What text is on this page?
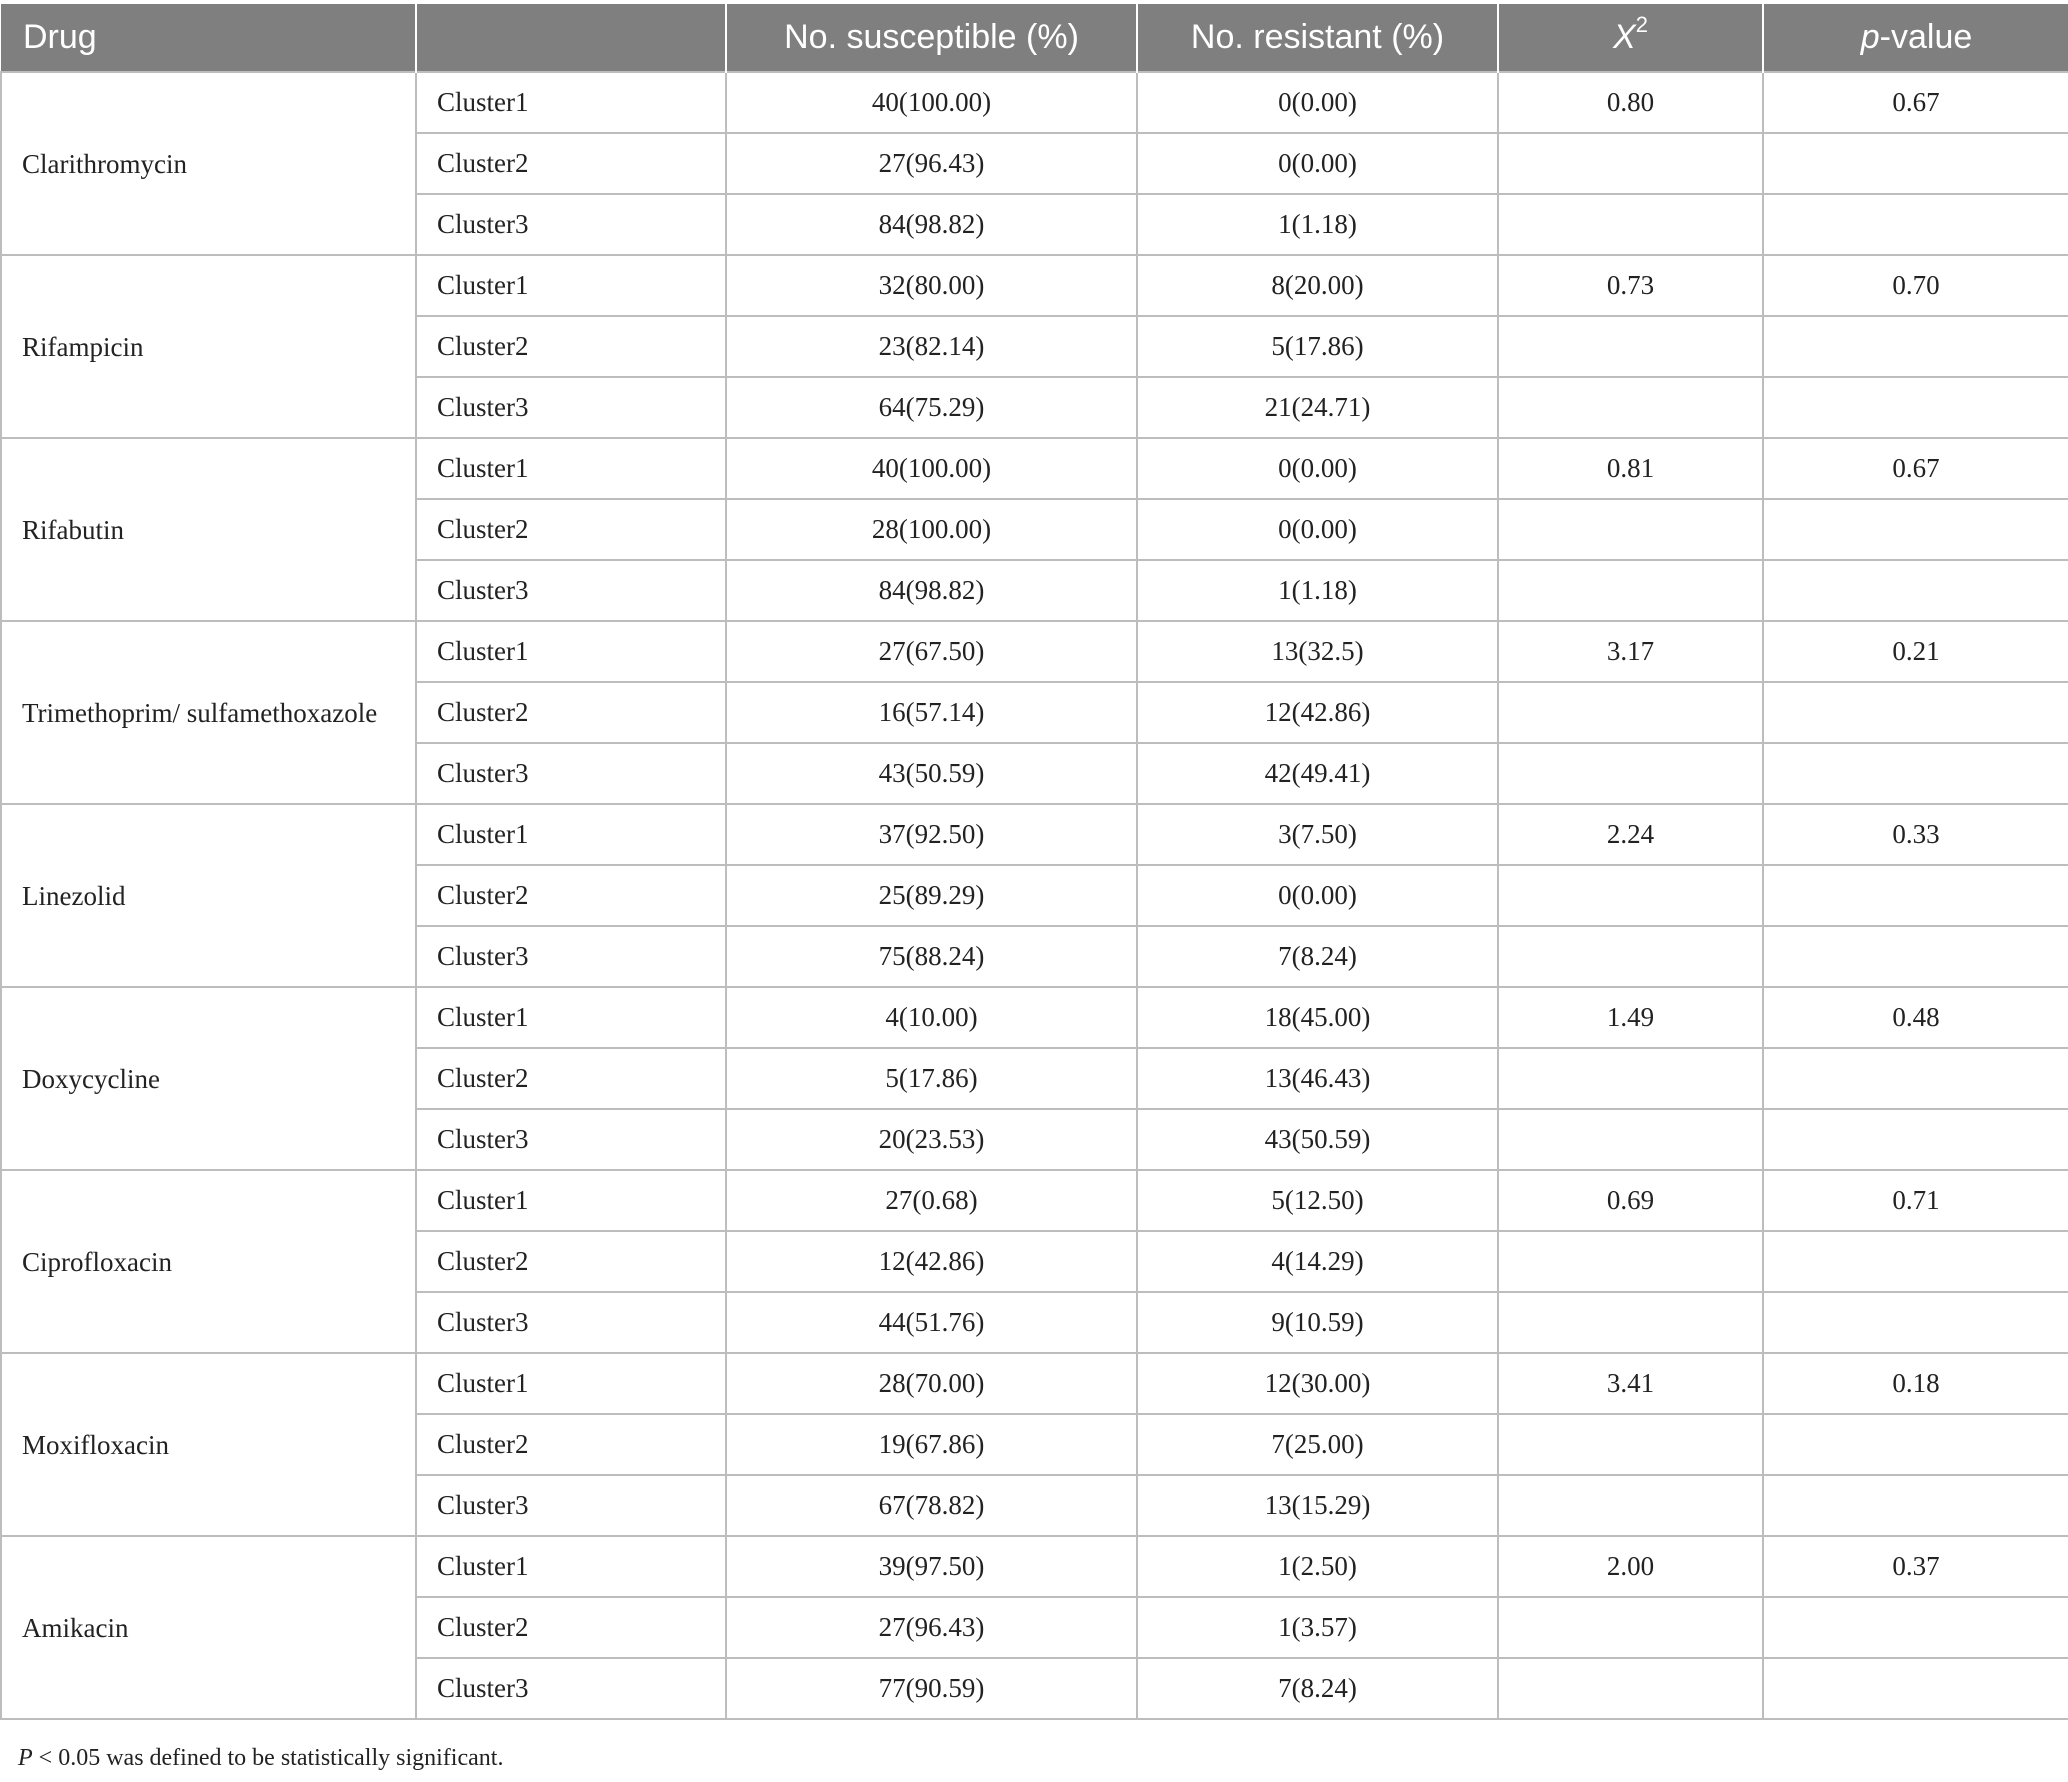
Drug		No. susceptible (%)	No. resistant (%)	$X^2$	p-value
Clarithromycin	Cluster1	40(100.00)	0(0.00)	0.80	0.67
	Cluster2	27(96.43)	0(0.00)		
	Cluster3	84(98.82)	1(1.18)		
Rifampicin	Cluster1	32(80.00)	8(20.00)	0.73	0.70
	Cluster2	23(82.14)	5(17.86)		
	Cluster3	64(75.29)	21(24.71)		
Rifabutin	Cluster1	40(100.00)	0(0.00)	0.81	0.67
	Cluster2	28(100.00)	0(0.00)		
	Cluster3	84(98.82)	1(1.18)		
Trimethoprim/ sulfamethoxazole	Cluster1	27(67.50)	13(32.5)	3.17	0.21
	Cluster2	16(57.14)	12(42.86)		
	Cluster3	43(50.59)	42(49.41)		
Linezolid	Cluster1	37(92.50)	3(7.50)	2.24	0.33
	Cluster2	25(89.29)	0(0.00)		
	Cluster3	75(88.24)	7(8.24)		
Doxycycline	Cluster1	4(10.00)	18(45.00)	1.49	0.48
	Cluster2	5(17.86)	13(46.43)		
	Cluster3	20(23.53)	43(50.59)		
Ciprofloxacin	Cluster1	27(0.68)	5(12.50)	0.69	0.71
	Cluster2	12(42.86)	4(14.29)		
	Cluster3	44(51.76)	9(10.59)		
Moxifloxacin	Cluster1	28(70.00)	12(30.00)	3.41	0.18
	Cluster2	19(67.86)	7(25.00)		
	Cluster3	67(78.82)	13(15.29)		
Amikacin	Cluster1	39(97.50)	1(2.50)	2.00	0.37
	Cluster2	27(96.43)	1(3.57)		
	Cluster3	77(90.59)	7(8.24)		
P < 0.05 was defined to be statistically significant.
